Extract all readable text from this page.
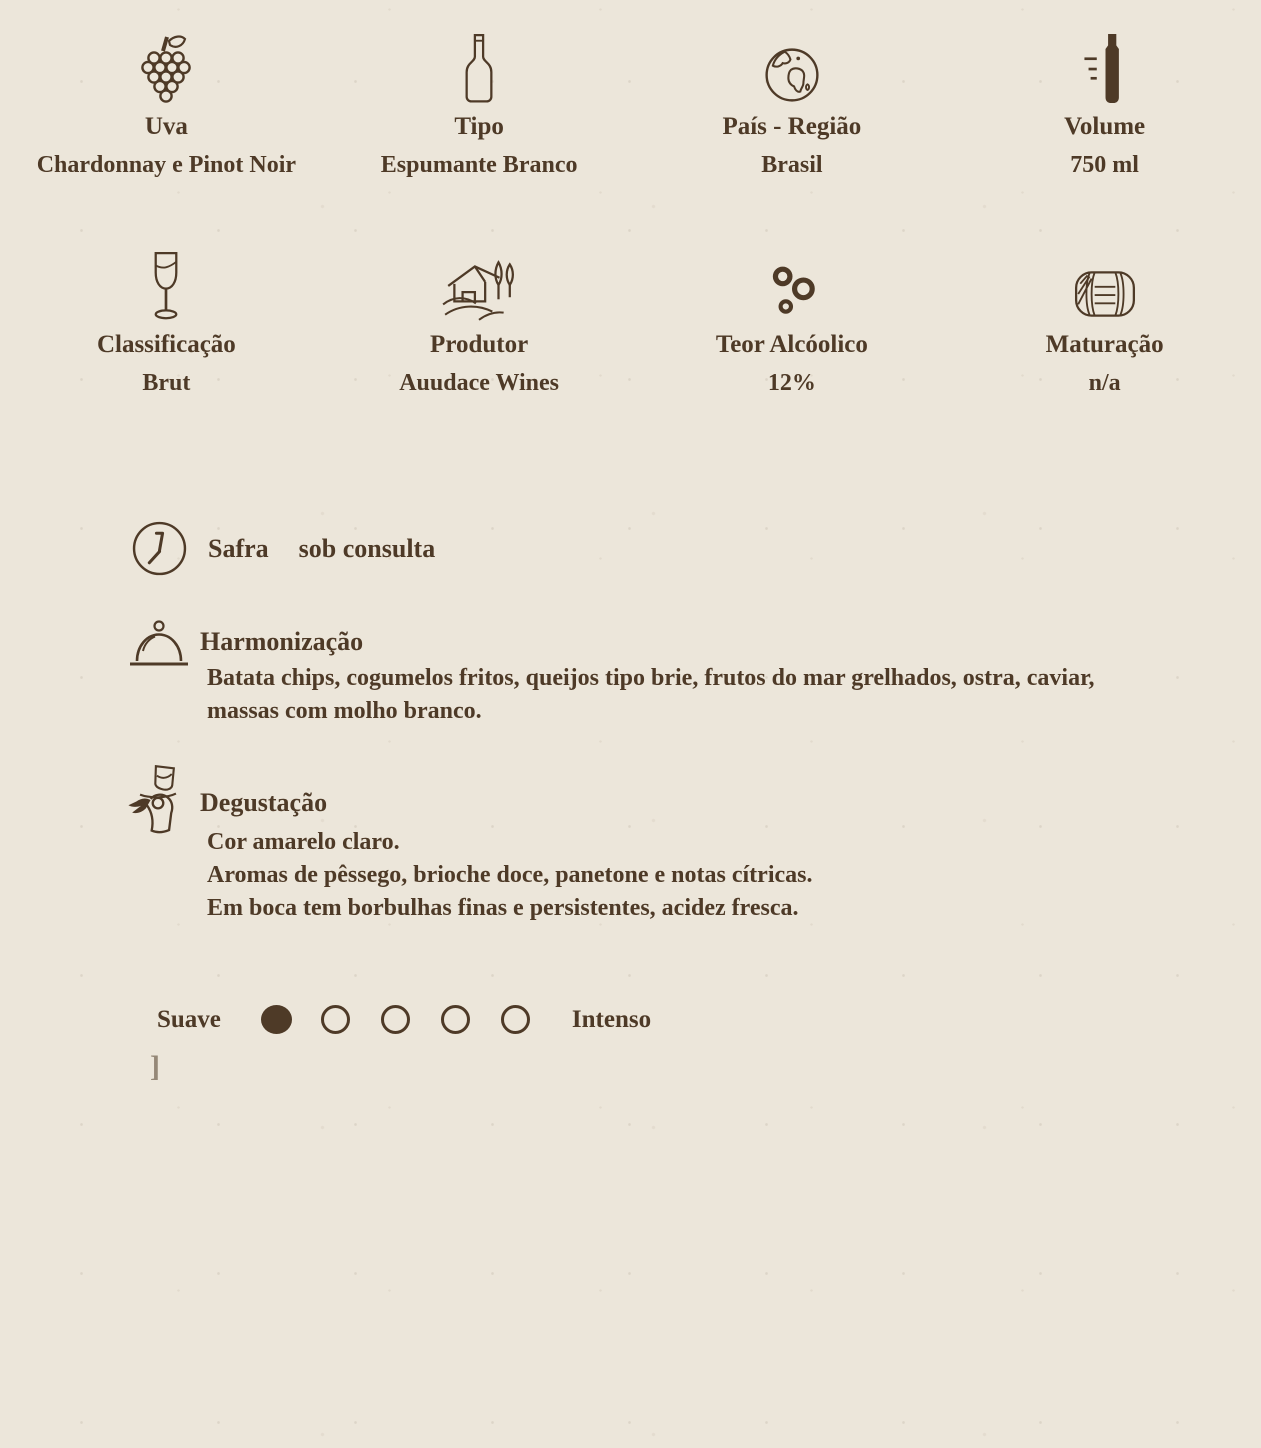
Uva
Chardonnay e Pinot Noir
Tipo
Espumante Branco
País - Região
Brasil
Volume
750 ml
Classificação
Brut
Produtor
Auudace Wines
Teor Alcóolico
12%
Maturação
n/a
Safra sob consulta
Harmonização
Batata chips, cogumelos fritos, queijos tipo brie, frutos do mar grelhados, ostra, caviar, massas com molho branco.
Degustação

Cor amarelo claro.

Aromas de pêssego, brioche doce, panetone e notas cítricas.

Em boca tem borbulhas finas e persistentes, acidez fresca.

Suave	Intenso
]
